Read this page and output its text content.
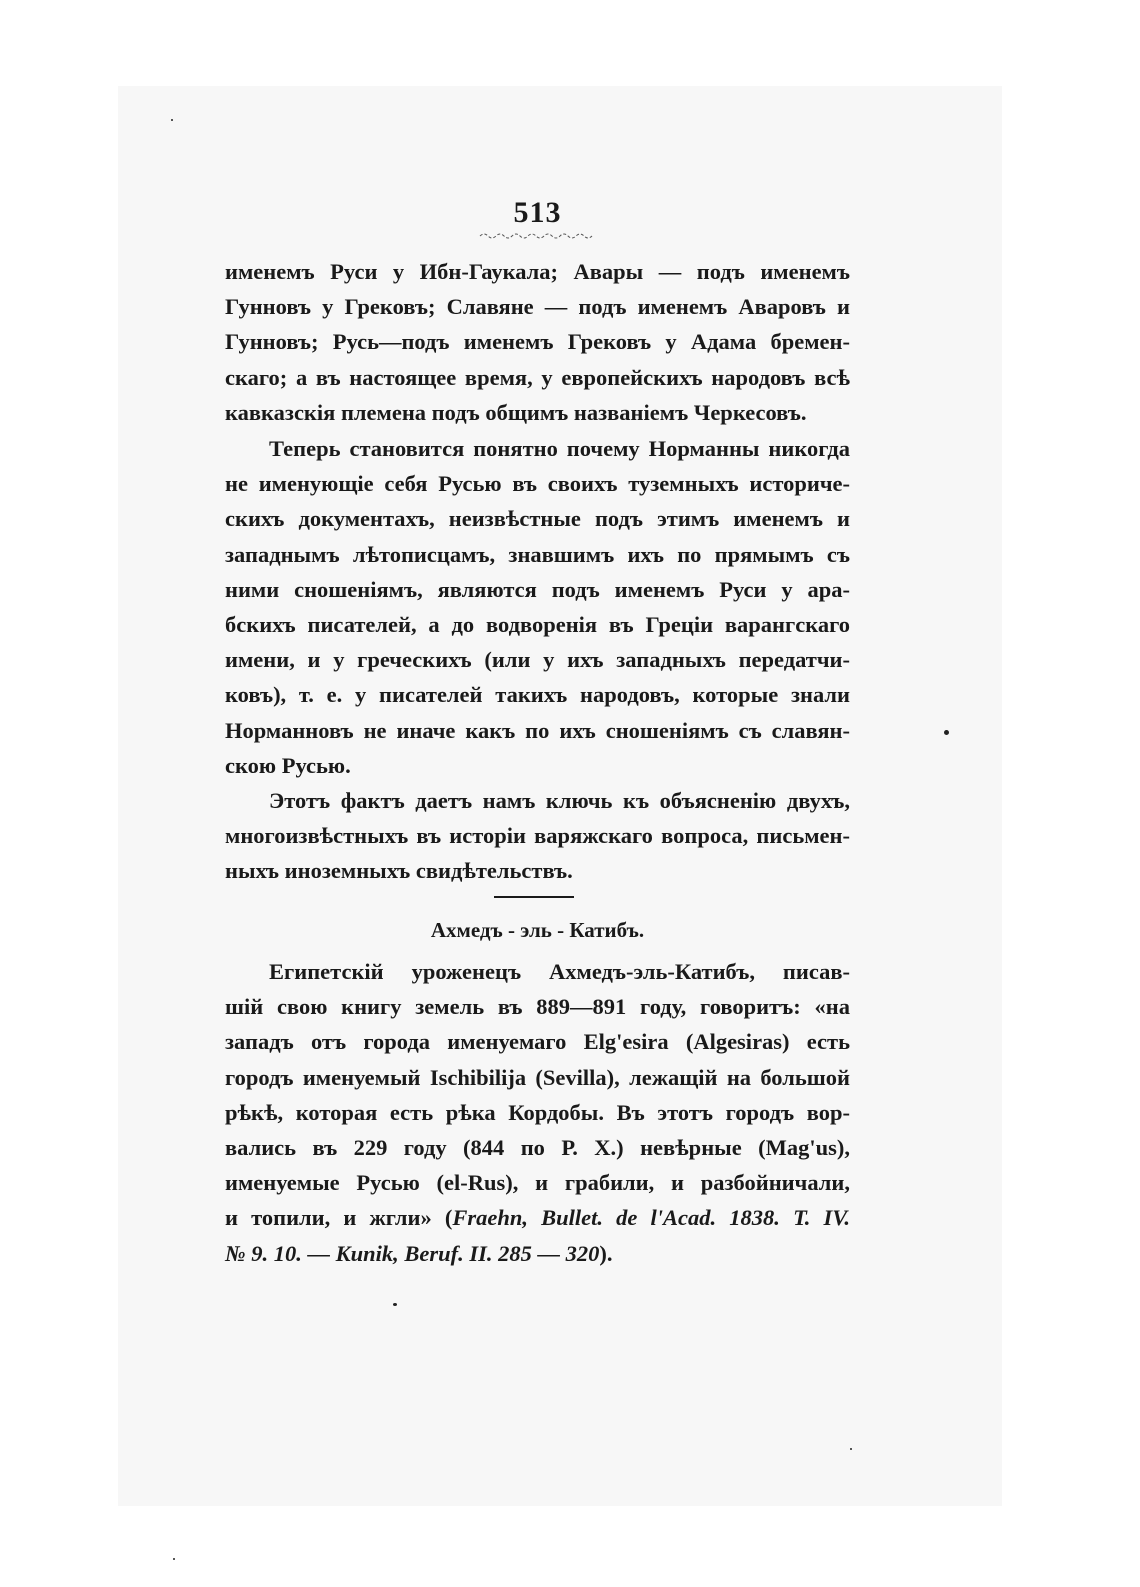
513
именемъ Руси у Ибн-Гаукала; Авары — подъ именемъ
Гунновъ у Грековъ; Славяне — подъ именемъ Аваровъ и
Гунновъ; Русь—подъ именемъ Грековъ у Адама бремен-
скаго; а въ настоящее время, у европейскихъ народовъ всѣ
кавказскія племена подъ общимъ названіемъ Черкесовъ.
Теперь становится понятно почему Норманны никогда
не именующіе себя Русью въ своихъ туземныхъ историче-
скихъ документахъ, неизвѣстные подъ этимъ именемъ и
западнымъ лѣтописцамъ, знавшимъ ихъ по прямымъ съ
ними сношеніямъ, являются подъ именемъ Руси у ара-
бскихъ писателей, а до водворенія въ Греціи варангскаго
имени, и у греческихъ (или у ихъ западныхъ передатчи-
ковъ), т. е. у писателей такихъ народовъ, которые знали
Норманновъ не иначе какъ по ихъ сношеніямъ съ славян-
скою Русью.
Этотъ фактъ даетъ намъ ключь къ объясненію двухъ,
многоизвѣстныхъ въ исторіи варяжскаго вопроса, письмен-
ныхъ иноземныхъ свидѣтельствъ.
Ахмедъ - эль - Катибъ.
Египетскій уроженецъ Ахмедъ-эль-Катибъ, писав-
шій свою книгу земель въ 889—891 году, говоритъ: «на
западъ отъ города именуемаго Elg'esira (Algesiras) есть
городъ именуемый Ischibilija (Sevilla), лежащій на большой
рѣкѣ, которая есть рѣка Кордобы. Въ этотъ городъ вор-
вались въ 229 году (844 по Р. Х.) невѣрные (Mag'us),
именуемые Русью (el-Rus), и грабили, и разбойничали,
и топили, и жгли» (Fraehn, Bullet. de l'Acad. 1838. T. IV.
№ 9. 10. — Kunik, Beruf. II. 285 — 320).
